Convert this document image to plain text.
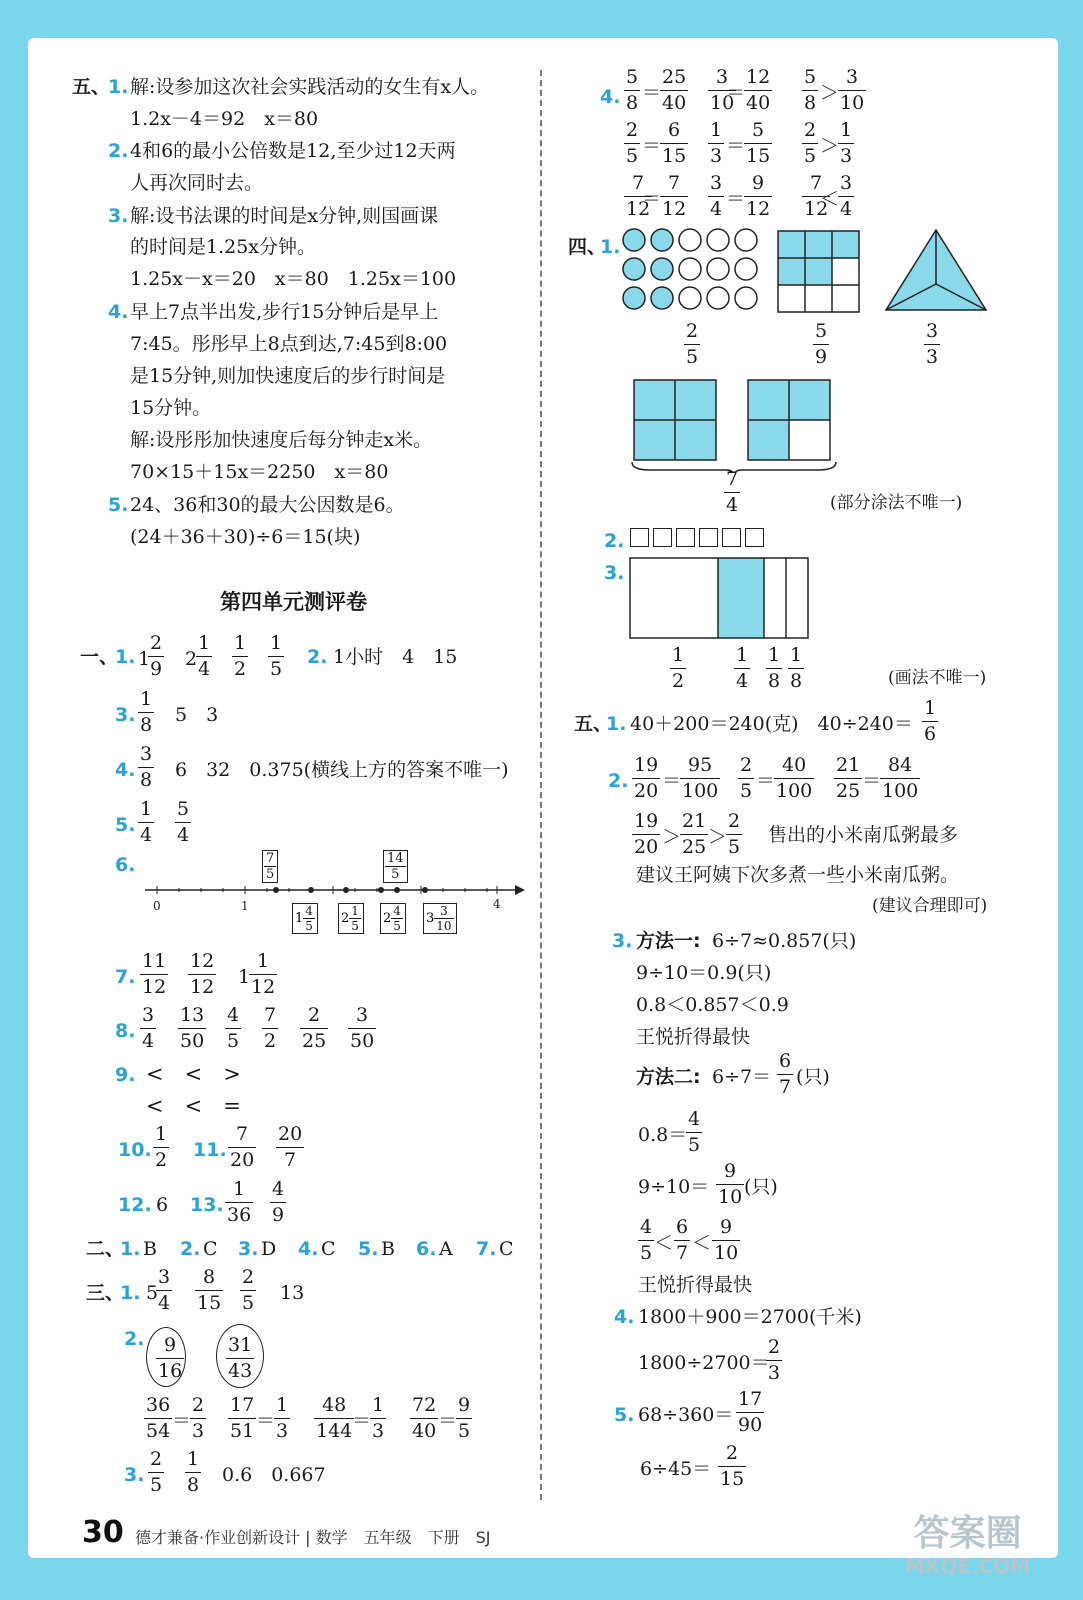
五、
1. 解:设参加这次社会实践活动的女生有x人。
1.2x－4＝92　x＝80
2. 4和6的最小公倍数是12,至少过12天两
人再次同时去。
3. 解:设书法课的时间是x分钟,则国画课
的时间是1.25x分钟。
1.25x－x＝20　x＝80　1.25x＝100
4. 早上7点半出发,步行15分钟后是早上
7:45。彤彤早上8点到达,7:45到8:00
是15分钟,则加快速度后的步行时间是
15分钟。
解:设彤彤加快速度后每分钟走x米。
70×15＋15x＝2250　x＝80
5. 24、36和30的最大公因数是6。
(24＋36＋30)÷6＝15(块)
第四单元测评卷
一、
1. 1
2
9 2
1
4
1
2
1
5
2. 1小时　4　15
3.
1
8 5　3
4.
3
8 6　32　0.375(横线上方的答案不唯一)
5.
1
4
5
4
6.
0	1	4
7
5
14
5
1 4
5 2 1
5 2 4
5 3 3
10
7.
11
12
12
12 1
1
12
8.
3
4
13
50
4
5
7
2
2
25
3
50
9. <　<　>
<　<　=
10.
1
2 11.
7
20
20
7
12. 6 13.
1
36
4
9
二、
1. B 2. C 3. D 4. C 5. B 6. A 7. C
三、
1. 5
3
4
8
15
2
5 13
2. 9
16
31
43
36
54 ＝
2
3
17
51 ＝
1
3
48
144 ＝
1
3
72
40 ＝
9
5
3.
2
5
1
8 0.6　0.667
4.
5
8 ＝
25
40
3
10
＝
12
40
5
8 ＞
3
10
2
5 ＝
6
15
1
3 ＝
5
15
2
5 ＞
1
3
7
12
＝
7
12
3
4 ＝
9
12
7
12
＜
3
4
四、
1.
2
5
5
9
3
3
7
4	(部分涂法不唯一)
2.
3.
1
2
1
4
1
8
1
8	(画法不唯一)
五、
1. 40＋200＝240(克)　40÷240＝
1
6
2.
19
20 ＝
95
100
2
5 ＝
40
100
21
25 ＝
84
100
19
20 ＞
21
25 ＞
2
5
售出的小米南瓜粥最多
建议王阿姨下次多煮一些小米南瓜粥。
(建议合理即可)
3. 方法一: 6÷7≈0.857(只)
9÷10＝0.9(只)
0.8＜0.857＜0.9
王悦折得最快
方法二: 6÷7＝
6
7 (只)
0.8＝
4
5
9÷10＝
9
10 (只)
4
5 ＜
6
7 ＜
9
10
王悦折得最快
4. 1800＋900＝2700(千米)
1800÷2700＝
2
3
5. 68÷360＝
17
90
6÷45＝
2
15
30 德才兼备·作业创新设计 | 数学　五年级　下册　SJ	答案圈
MXQE.COM
